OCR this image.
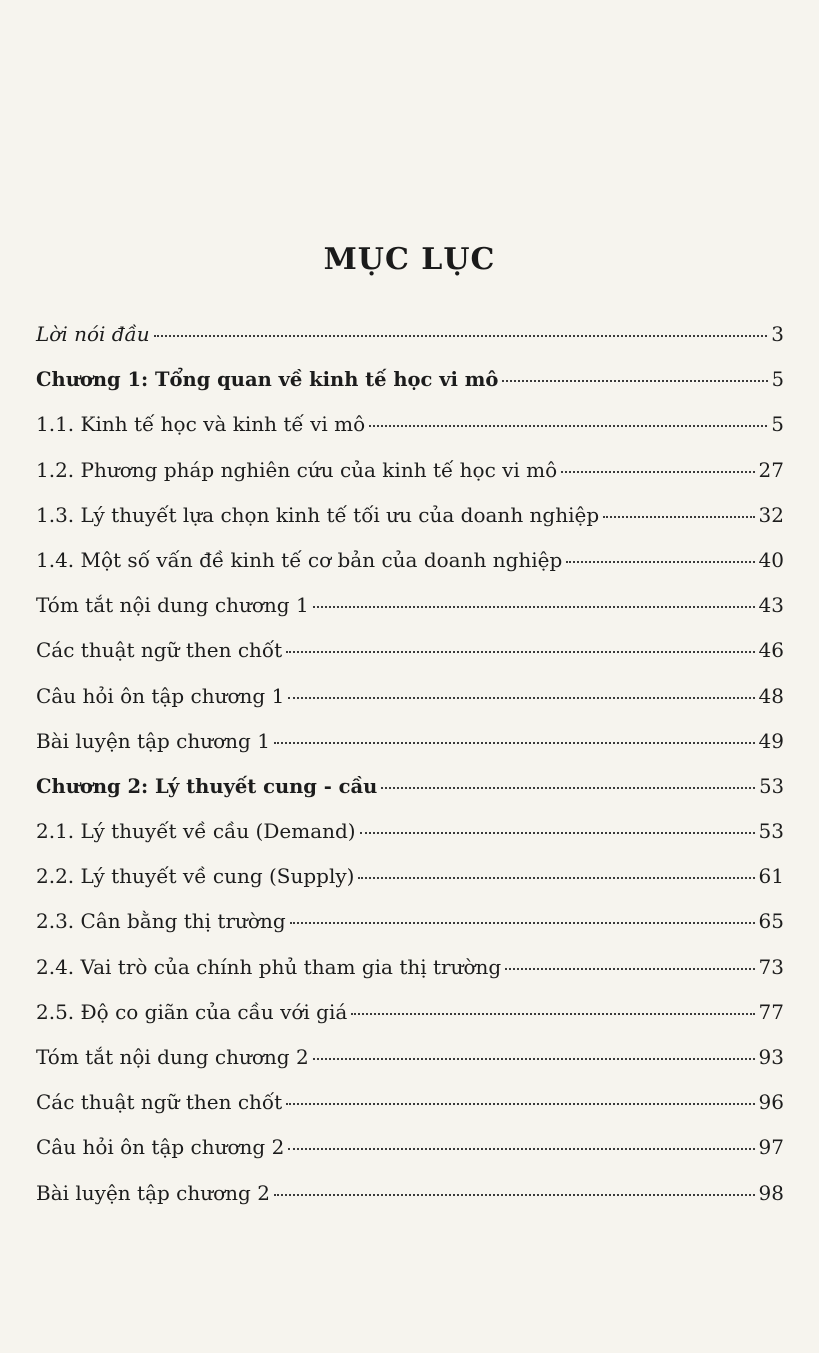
MỤC LỤC
Lời nói đầu	3
Chương 1: Tổng quan về kinh tế học vi mô	5
1.1. Kinh tế học và kinh tế vi mô	5
1.2. Phương pháp nghiên cứu của kinh tế học vi mô	27
1.3. Lý thuyết lựa chọn kinh tế tối ưu của doanh nghiệp	32
1.4. Một số vấn đề kinh tế cơ bản của doanh nghiệp	40
Tóm tắt nội dung chương 1	43
Các thuật ngữ then chốt	46
Câu hỏi ôn tập chương 1	48
Bài luyện tập chương 1	49
Chương 2: Lý thuyết cung - cầu	53
2.1. Lý thuyết về cầu (Demand)	53
2.2. Lý thuyết về cung (Supply)	61
2.3. Cân bằng thị trường	65
2.4. Vai trò của chính phủ tham gia thị trường	73
2.5. Độ co giãn của cầu với giá	77
Tóm tắt nội dung chương 2	93
Các thuật ngữ then chốt	96
Câu hỏi ôn tập chương 2	97
Bài luyện tập chương 2	98
